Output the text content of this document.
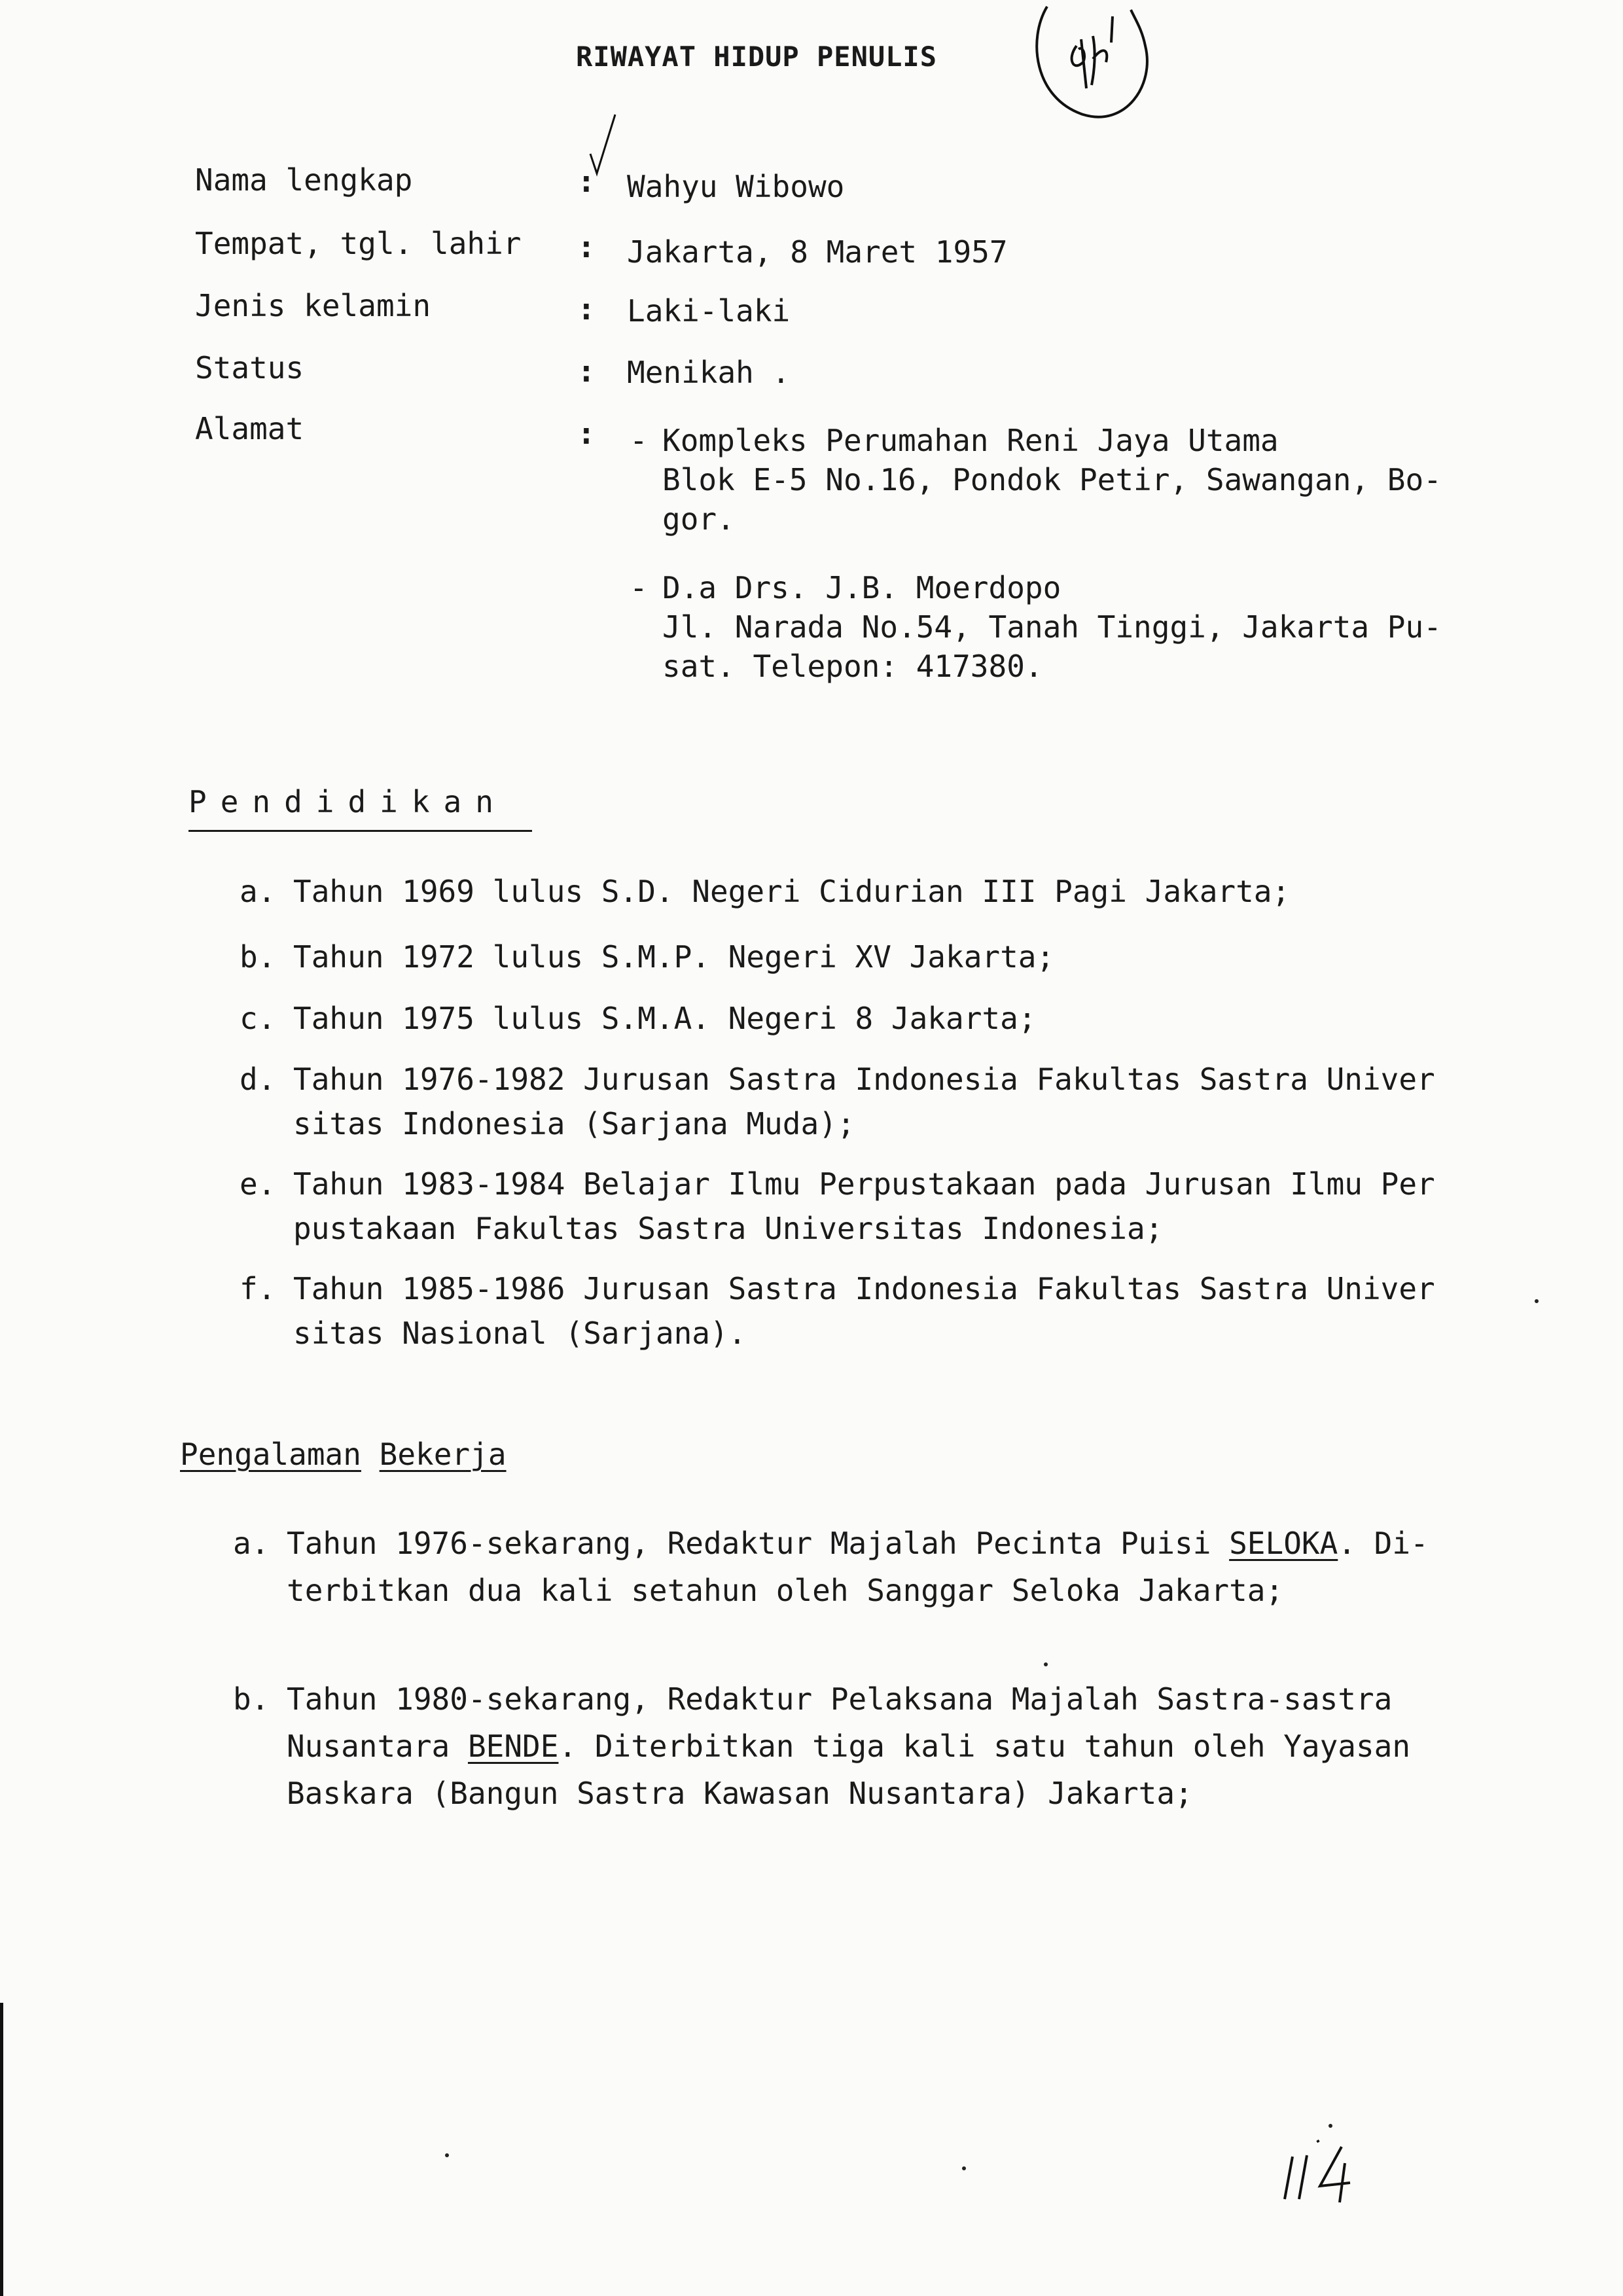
RIWAYAT HIDUP PENULIS
Nama lengkap	: Wahyu Wibowo
Tempat, tgl. lahir : Jakarta, 8 Maret 1957
Jenis kelamin	: Laki-laki
Status	: Menikah .
Alamat	: - Kompleks Perumahan Reni Jaya Utama
Blok E-5 No.16, Pondok Petir, Sawangan, Bo-
gor.
- D.a Drs. J.B. Moerdopo
Jl. Narada No.54, Tanah Tinggi, Jakarta Pu-
sat. Telepon: 417380.
Pendidikan
a. Tahun 1969 lulus S.D. Negeri Cidurian III Pagi Jakarta;
b. Tahun 1972 lulus S.M.P. Negeri XV Jakarta;
c. Tahun 1975 lulus S.M.A. Negeri 8 Jakarta;
d. Tahun 1976-1982 Jurusan Sastra Indonesia Fakultas Sastra Univer
sitas Indonesia (Sarjana Muda);
e. Tahun 1983-1984 Belajar Ilmu Perpustakaan pada Jurusan Ilmu Per
pustakaan Fakultas Sastra Universitas Indonesia;
f. Tahun 1985-1986 Jurusan Sastra Indonesia Fakultas Sastra Univer
sitas Nasional (Sarjana).
Pengalaman Bekerja
a. Tahun 1976-sekarang, Redaktur Majalah Pecinta Puisi SELOKA. Di-
terbitkan dua kali setahun oleh Sanggar Seloka Jakarta;
b. Tahun 1980-sekarang, Redaktur Pelaksana Majalah Sastra-sastra
Nusantara BENDE. Diterbitkan tiga kali satu tahun oleh Yayasan
Baskara (Bangun Sastra Kawasan Nusantara) Jakarta;
